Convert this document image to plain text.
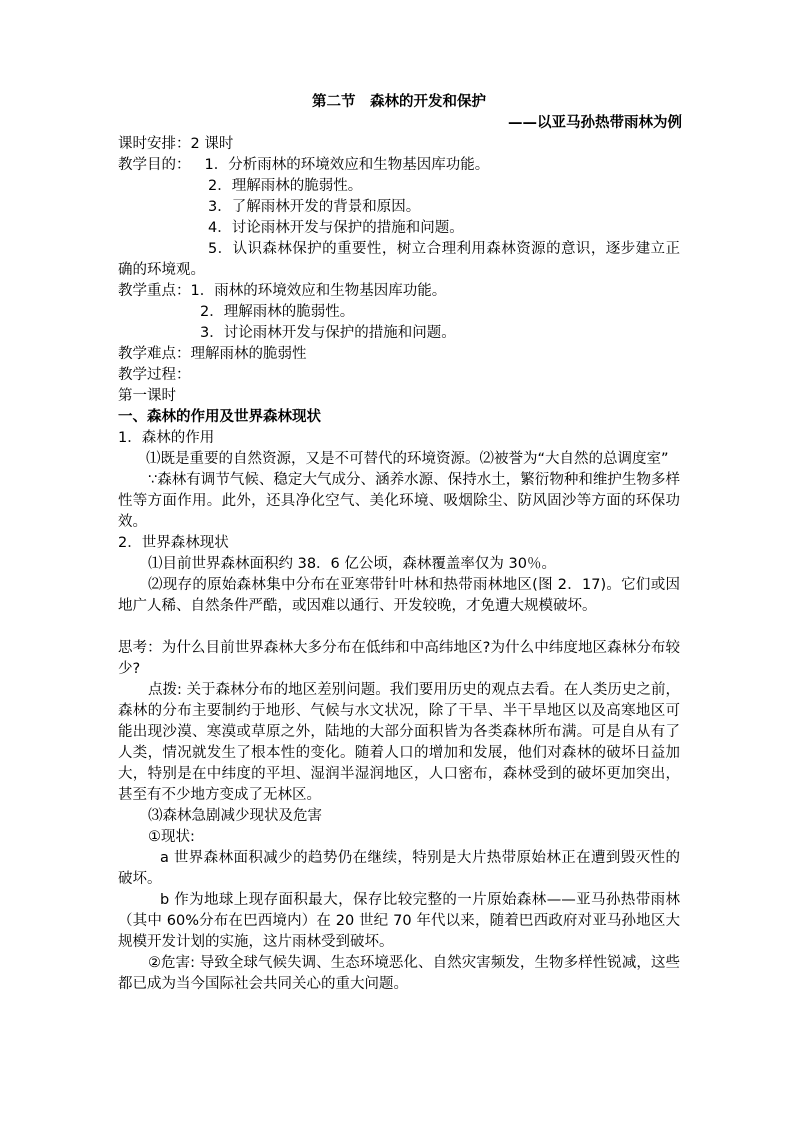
第二节　森林的开发和保护
——以亚马孙热带雨林为例
课时安排：2 课时
教学目的： 1．分析雨林的环境效应和生物基因库功能。
2．理解雨林的脆弱性。
3．了解雨林开发的背景和原因。
4．讨论雨林开发与保护的措施和问题。
5．认识森林保护的重要性，树立合理利用森林资源的意识，逐步建立正确的环境观。
教学重点：1．雨林的环境效应和生物基因库功能。
2．理解雨林的脆弱性。
3．讨论雨林开发与保护的措施和问题。
教学难点：理解雨林的脆弱性
教学过程：
第一课时
一、森林的作用及世界森林现状
1．森林的作用
⑴既是重要的自然资源，又是不可替代的环境资源。⑵被誉为“大自然的总调度室”
∵森林有调节气候、稳定大气成分、涵养水源、保持水土，繁衍物种和维护生物多样性等方面作用。此外，还具净化空气、美化环境、吸烟除尘、防风固沙等方面的环保功效。
2．世界森林现状
⑴目前世界森林面积约 38．6 亿公顷，森林覆盖率仅为 30％。
⑵现存的原始森林集中分布在亚寒带针叶林和热带雨林地区(图 2．17)。它们或因地广人稀、自然条件严酷，或因难以通行、开发较晚，才免遭大规模破坏。
思考：为什么目前世界森林大多分布在低纬和中高纬地区?为什么中纬度地区森林分布较少?
点拨: 关于森林分布的地区差别问题。我们要用历史的观点去看。在人类历史之前，森林的分布主要制约于地形、气候与水文状况，除了干旱、半干旱地区以及高寒地区可能出现沙漠、寒漠或草原之外，陆地的大部分面积皆为各类森林所布满。可是自从有了人类，情况就发生了根本性的变化。随着人口的增加和发展，他们对森林的破坏日益加大，特别是在中纬度的平坦、湿润半湿润地区，人口密布，森林受到的破坏更加突出，甚至有不少地方变成了无林区。
⑶森林急剧减少现状及危害
①现状:
a 世界森林面积减少的趋势仍在继续，特别是大片热带原始林正在遭到毁灭性的破坏。
b 作为地球上现存面积最大，保存比较完整的一片原始森林——亚马孙热带雨林（其中 60%分布在巴西境内）在 20 世纪 70 年代以来，随着巴西政府对亚马孙地区大规模开发计划的实施，这片雨林受到破坏。
②危害: 导致全球气候失调、生态环境恶化、自然灾害频发，生物多样性锐减，这些都已成为当今国际社会共同关心的重大问题。
